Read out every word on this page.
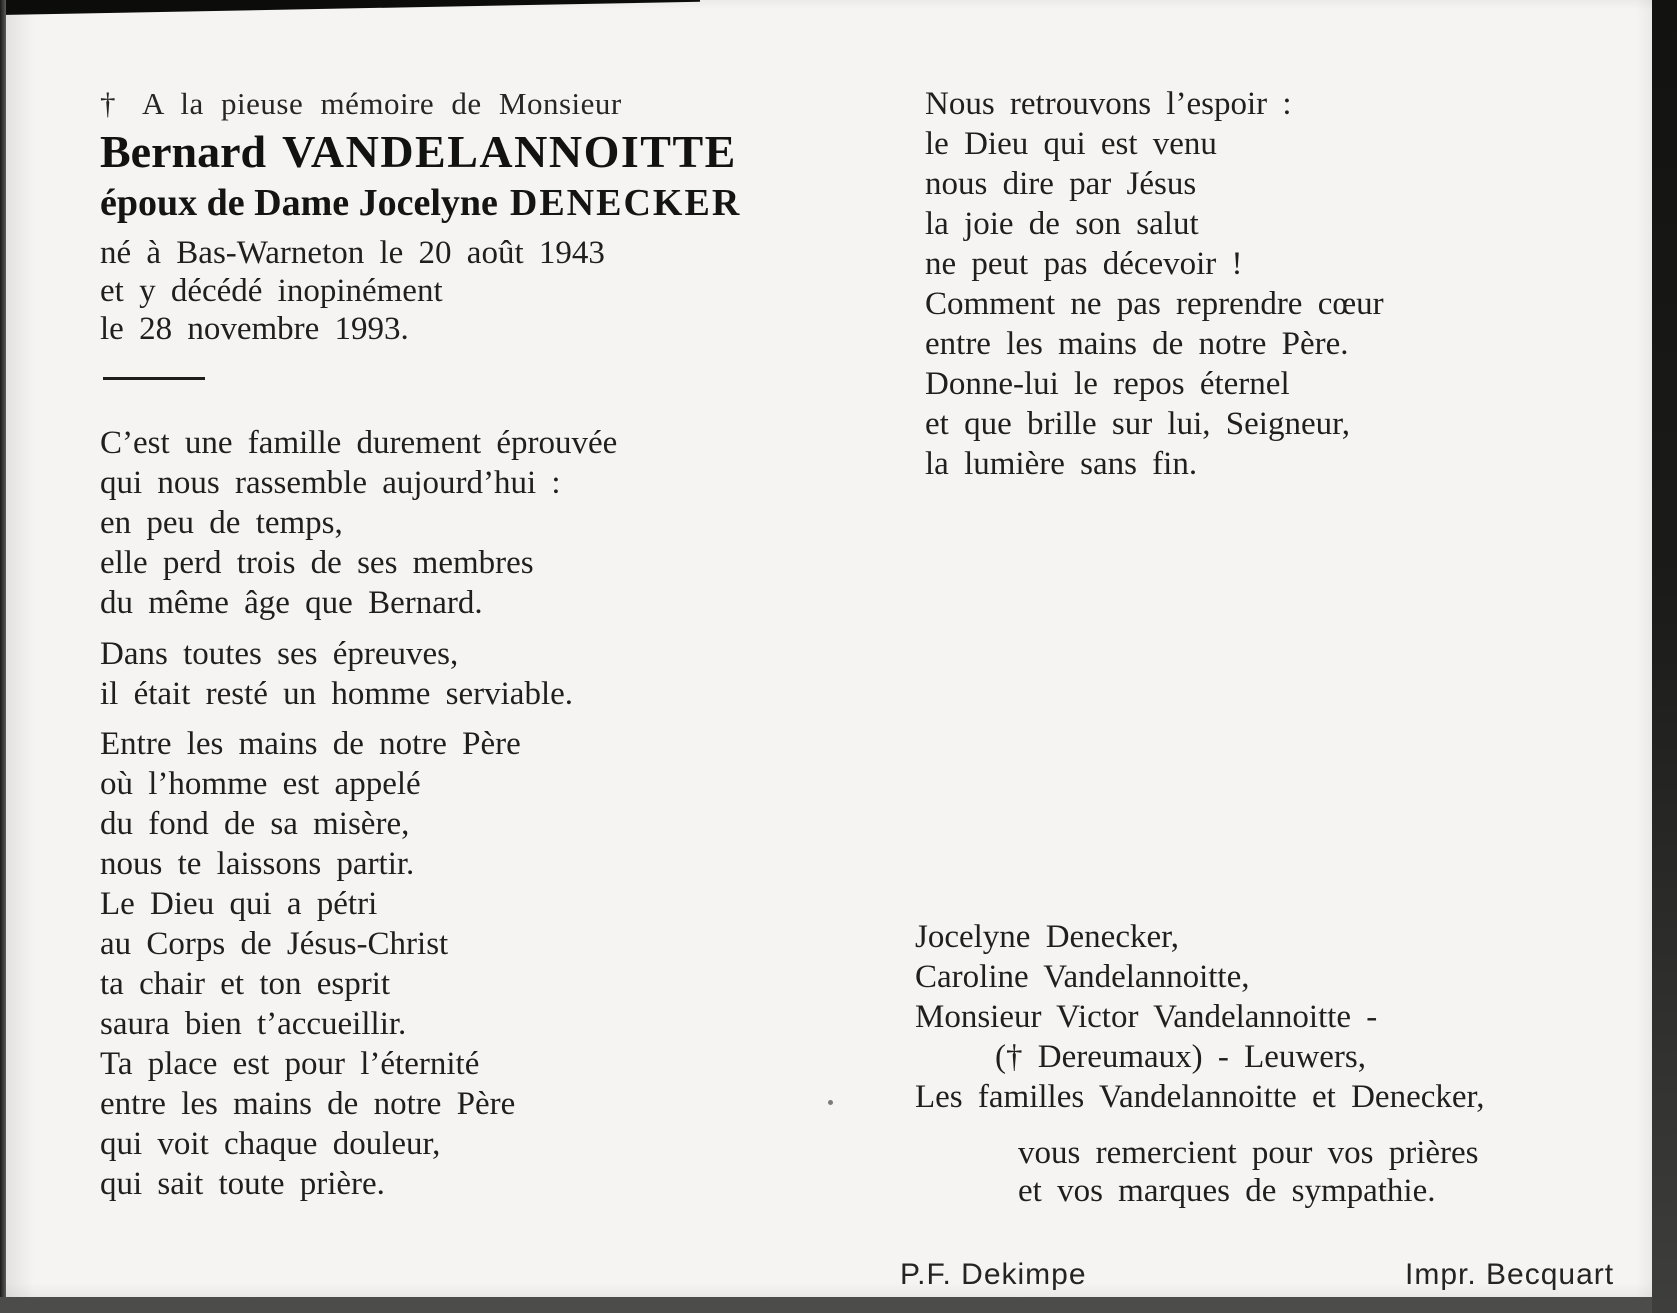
† A la pieuse mémoire de Monsieur
Bernard VANDELANNOITTE
époux de Dame Jocelyne DENECKER
né à Bas-Warneton le 20 août 1943
et y décédé inopinément
le 28 novembre 1993.
C’est une famille durement éprouvée
qui nous rassemble aujourd’hui :
en peu de temps,
elle perd trois de ses membres
du même âge que Bernard.
Dans toutes ses épreuves,
il était resté un homme serviable.
Entre les mains de notre Père
où l’homme est appelé
du fond de sa misère,
nous te laissons partir.
Le Dieu qui a pétri
au Corps de Jésus-Christ
ta chair et ton esprit
saura bien t’accueillir.
Ta place est pour l’éternité
entre les mains de notre Père
qui voit chaque douleur,
qui sait toute prière.
Nous retrouvons l’espoir :
le Dieu qui est venu
nous dire par Jésus
la joie de son salut
ne peut pas décevoir !
Comment ne pas reprendre cœur
entre les mains de notre Père.
Donne-lui le repos éternel
et que brille sur lui, Seigneur,
la lumière sans fin.
Jocelyne Denecker,
Caroline Vandelannoitte,
Monsieur Victor Vandelannoitte -
(† Dereumaux) - Leuwers,
Les familles Vandelannoitte et Denecker,
vous remercient pour vos prières
et vos marques de sympathie.
P.F. Dekimpe	Impr. Becquart
